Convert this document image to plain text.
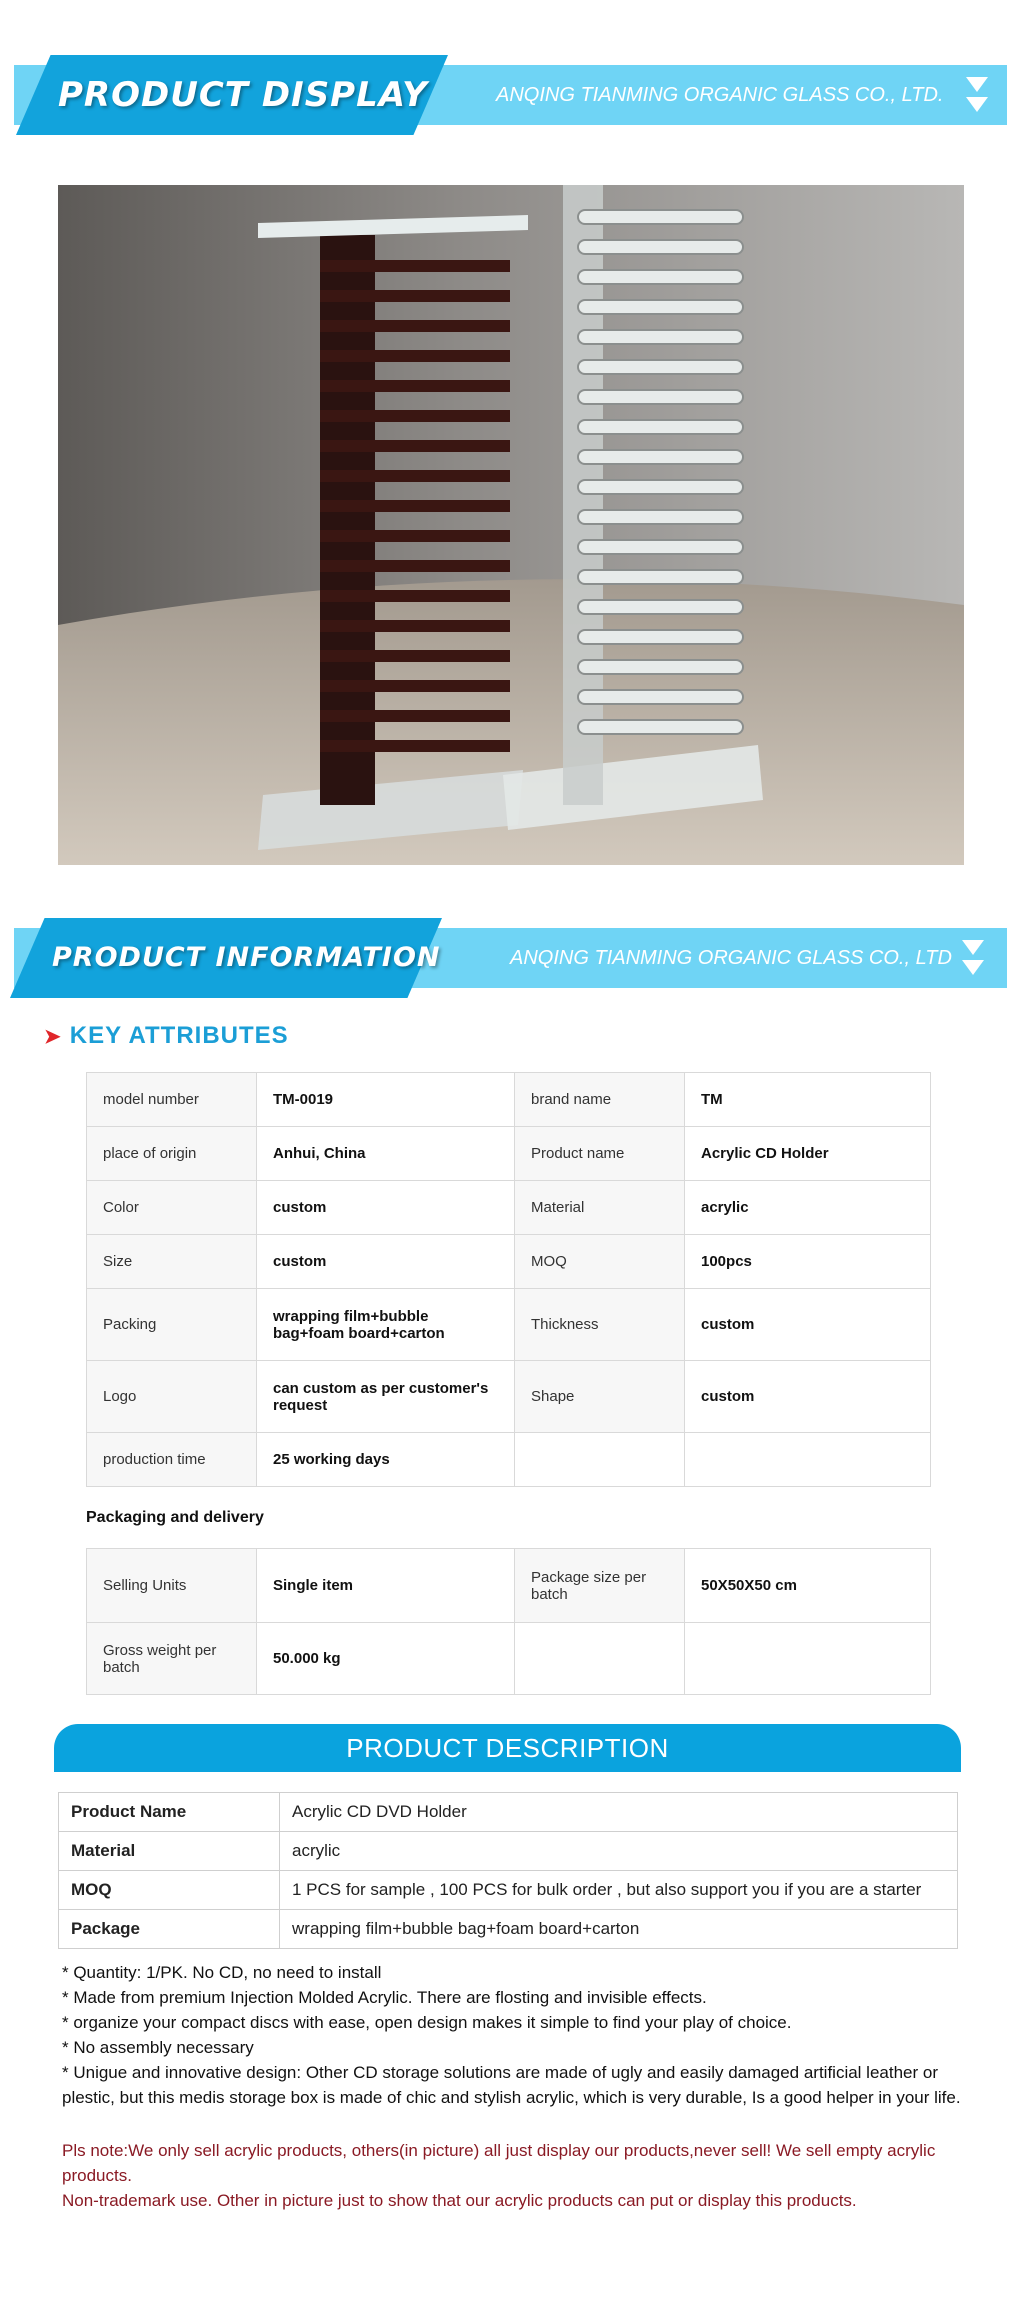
PRODUCT DISPLAY	ANQING TIANMING ORGANIC GLASS CO., LTD.
PRODUCT INFORMATION	ANQING TIANMING ORGANIC GLASS CO., LTD
➤ KEY ATTRIBUTES
model number	TM-0019	brand name	TM
place of origin	Anhui, China	Product name	Acrylic CD Holder
Color	custom	Material	acrylic
Size	custom	MOQ	100pcs
Packing	wrapping film+bubble bag+foam board+carton	Thickness	custom
Logo	can custom as per customer's request	Shape	custom
production time	25 working days		
Packaging and delivery
Selling Units	Single item	Package size per batch	50X50X50 cm
Gross weight per batch	50.000 kg		
PRODUCT DESCRIPTION
Product Name	Acrylic CD DVD Holder
Material	acrylic
MOQ	1 PCS for sample , 100 PCS for bulk order , but also support you if you are a starter
Package	wrapping film+bubble bag+foam board+carton

* Quantity: 1/PK. No CD, no need to install

* Made from premium Injection Molded Acrylic. There are flosting and invisible effects.

* organize your compact discs with ease, open design makes it simple to find your play of choice.

* No assembly necessary

* Unigue and innovative design: Other CD storage solutions are made of ugly and easily damaged artificial leather or plestic, but this medis storage box is made of chic and stylish acrylic, which is very durable, Is a good helper in your life.

Pls note:We only sell acrylic products, others(in picture) all just display our products,never sell! We sell empty acrylic products.

Non-trademark use. Other in picture just to show that our acrylic products can put or display this products.
